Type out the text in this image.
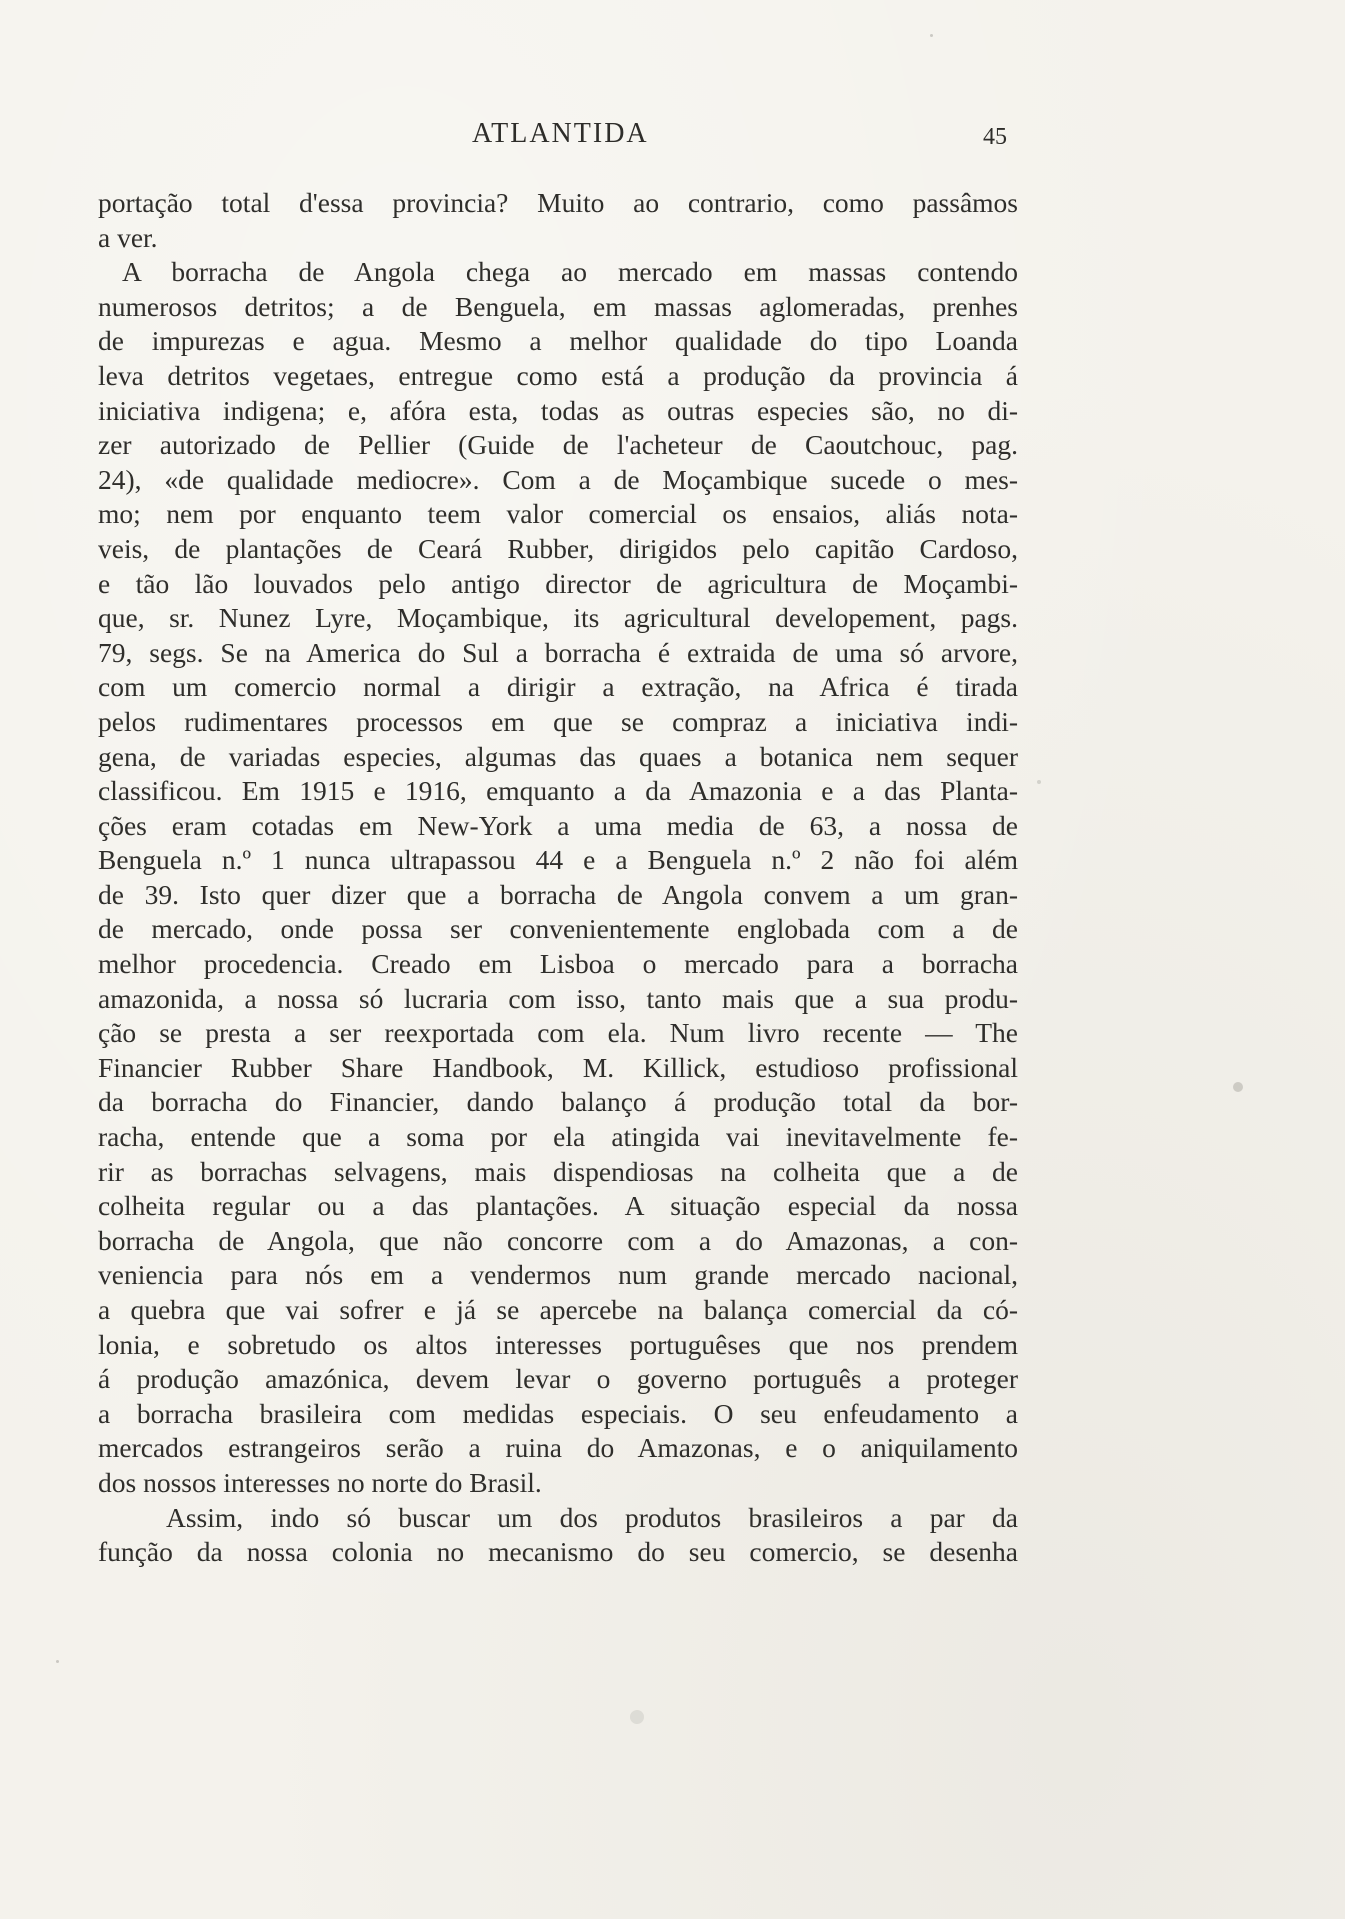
ATLANTIDA	45
portação total d'essa provincia? Muito ao contrario, como passâmos
a ver.
A borracha de Angola chega ao mercado em massas contendo
numerosos detritos; a de Benguela, em massas aglomeradas, prenhes
de impurezas e agua. Mesmo a melhor qualidade do tipo Loanda
leva detritos vegetaes, entregue como está a produção da provincia á
iniciativa indigena; e, afóra esta, todas as outras especies são, no di-
zer autorizado de Pellier (Guide de l'acheteur de Caoutchouc, pag.
24), «de qualidade mediocre». Com a de Moçambique sucede o mes-
mo; nem por enquanto teem valor comercial os ensaios, aliás nota-
veis, de plantações de Ceará Rubber, dirigidos pelo capitão Cardoso,
e tão lão louvados pelo antigo director de agricultura de Moçambi-
que, sr. Nunez Lyre, Moçambique, its agricultural developement, pags.
79, segs. Se na America do Sul a borracha é extraida de uma só arvore,
com um comercio normal a dirigir a extração, na Africa é tirada
pelos rudimentares processos em que se compraz a iniciativa indi-
gena, de variadas especies, algumas das quaes a botanica nem sequer
classificou. Em 1915 e 1916, emquanto a da Amazonia e a das Planta-
ções eram cotadas em New-York a uma media de 63, a nossa de
Benguela n.º 1 nunca ultrapassou 44 e a Benguela n.º 2 não foi além
de 39. Isto quer dizer que a borracha de Angola convem a um gran-
de mercado, onde possa ser convenientemente englobada com a de
melhor procedencia. Creado em Lisboa o mercado para a borracha
amazonida, a nossa só lucraria com isso, tanto mais que a sua produ-
ção se presta a ser reexportada com ela. Num livro recente — The
Financier Rubber Share Handbook, M. Killick, estudioso profissional
da borracha do Financier, dando balanço á produção total da bor-
racha, entende que a soma por ela atingida vai inevitavelmente fe-
rir as borrachas selvagens, mais dispendiosas na colheita que a de
colheita regular ou a das plantações. A situação especial da nossa
borracha de Angola, que não concorre com a do Amazonas, a con-
veniencia para nós em a vendermos num grande mercado nacional,
a quebra que vai sofrer e já se apercebe na balança comercial da có-
lonia, e sobretudo os altos interesses portuguêses que nos prendem
á produção amazónica, devem levar o governo português a proteger
a borracha brasileira com medidas especiais. O seu enfeudamento a
mercados estrangeiros serão a ruina do Amazonas, e o aniquilamento
dos nossos interesses no norte do Brasil.
Assim, indo só buscar um dos produtos brasileiros a par da
função da nossa colonia no mecanismo do seu comercio, se desenha
